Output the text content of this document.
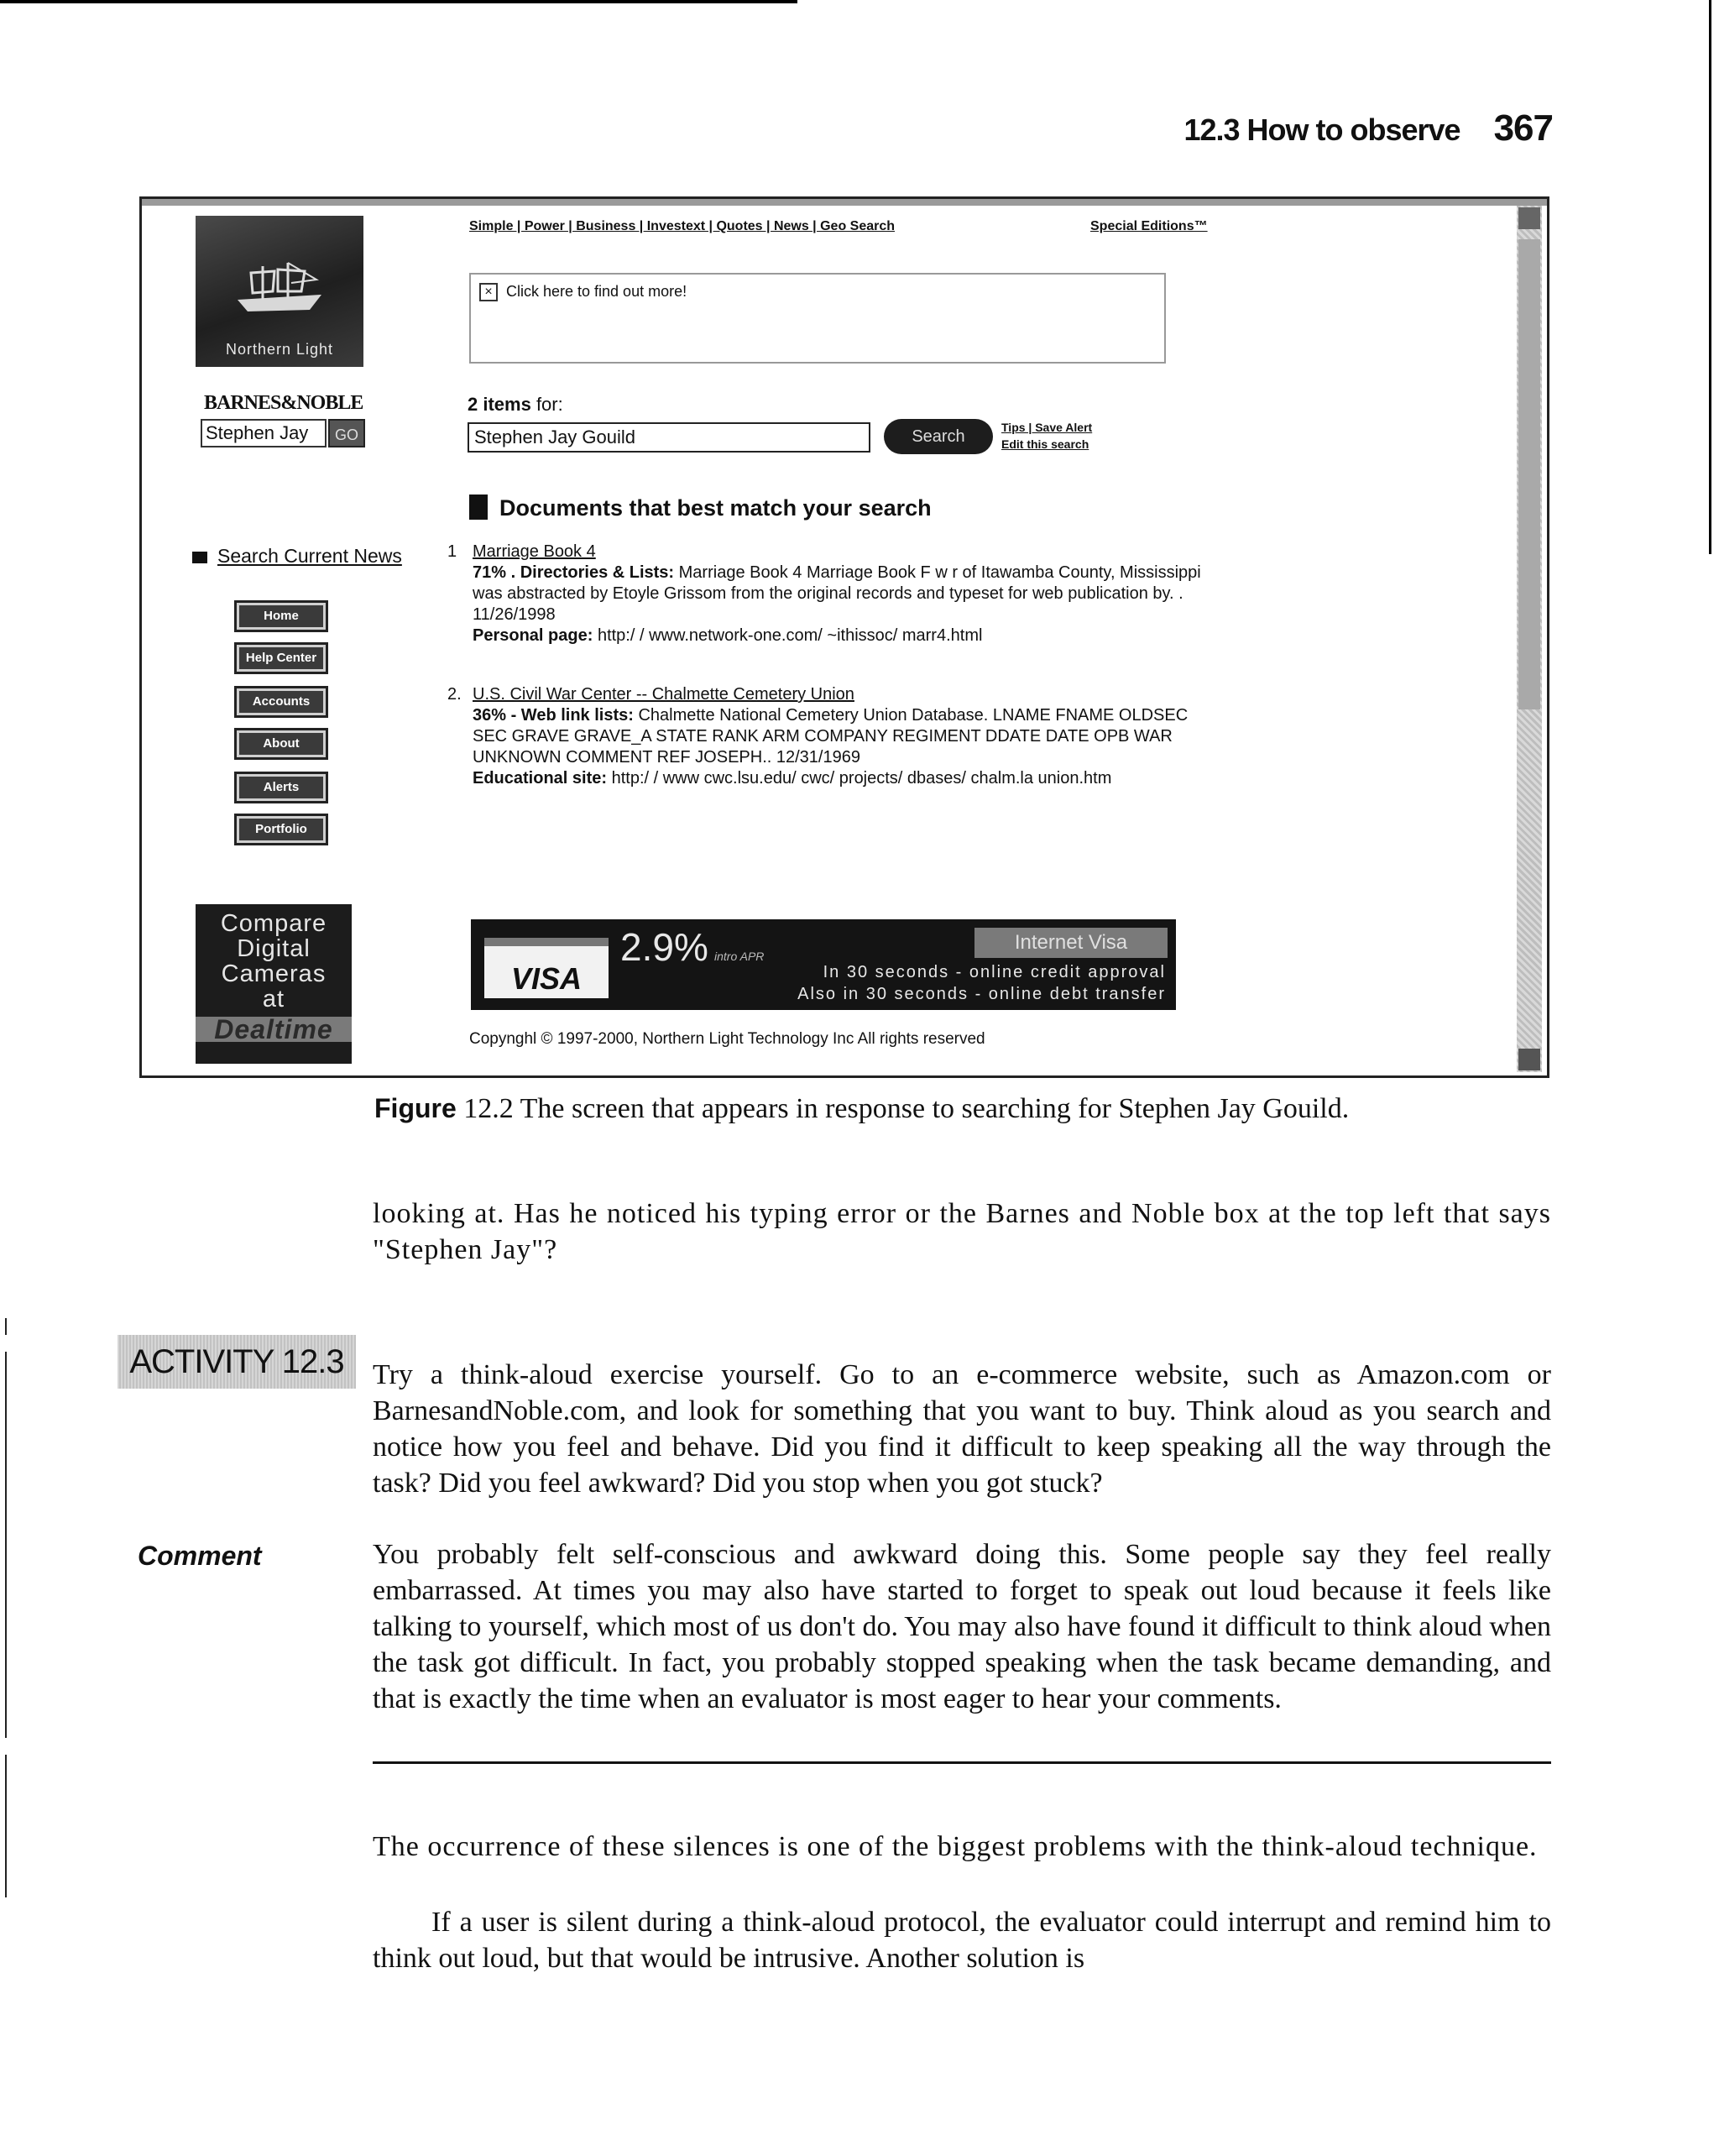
12.3 How to observe 367
Northern Light
BARNES&NOBLE
Stephen Jay	GO
Search Current News
Home
Help Center
Accounts
About
Alerts
Portfolio
Compare
Digital
Cameras
at
Dealtime
Simple | Power | Business | Investext | Quotes | News | Geo Search	Special Editions™
× Click here to find out more!
2 items for:
Stephen Jay Gouild	Search	Tips | Save Alert
Edit this search
Documents that best match your search
1 Marriage Book 4
71% . Directories & Lists: Marriage Book 4 Marriage Book F w r of Itawamba County, Mississippi was abstracted by Etoyle Grissom from the original records and typeset for web publication by. . 11/26/1998
Personal page: http:/ / www.network-one.com/ ~ithissoc/ marr4.html
2. U.S. Civil War Center -- Chalmette Cemetery Union
36% - Web link lists: Chalmette National Cemetery Union Database. LNAME FNAME OLDSEC SEC GRAVE GRAVE_A STATE RANK ARM COMPANY REGIMENT DDATE DATE OPB WAR UNKNOWN COMMENT REF JOSEPH.. 12/31/1969
Educational site: http:/ / www cwc.lsu.edu/ cwc/ projects/ dbases/ chalm.la union.htm
VISA
2.9% intro APR
Internet Visa
In 30 seconds - online credit approval
Also in 30 seconds - online debt transfer
Copynghl © 1997-2000, Northern Light Technology Inc All rights reserved
Figure 12.2 The screen that appears in response to searching for Stephen Jay Gouild.
looking at. Has he noticed his typing error or the Barnes and Noble box at the top left that says "Stephen Jay"?
ACTIVITY 12.3	Try a think-aloud exercise yourself. Go to an e-commerce website, such as Amazon.com or BarnesandNoble.com, and look for something that you want to buy. Think aloud as you search and notice how you feel and behave. Did you find it difficult to keep speaking all the way through the task? Did you feel awkward? Did you stop when you got stuck?
Comment	You probably felt self-conscious and awkward doing this. Some people say they feel really embarrassed. At times you may also have started to forget to speak out loud because it feels like talking to yourself, which most of us don't do. You may also have found it difficult to think aloud when the task got difficult. In fact, you probably stopped speaking when the task became demanding, and that is exactly the time when an evaluator is most eager to hear your comments.
The occurrence of these silences is one of the biggest problems with the think-aloud technique.
If a user is silent during a think-aloud protocol, the evaluator could interrupt and remind him to think out loud, but that would be intrusive. Another solution is
